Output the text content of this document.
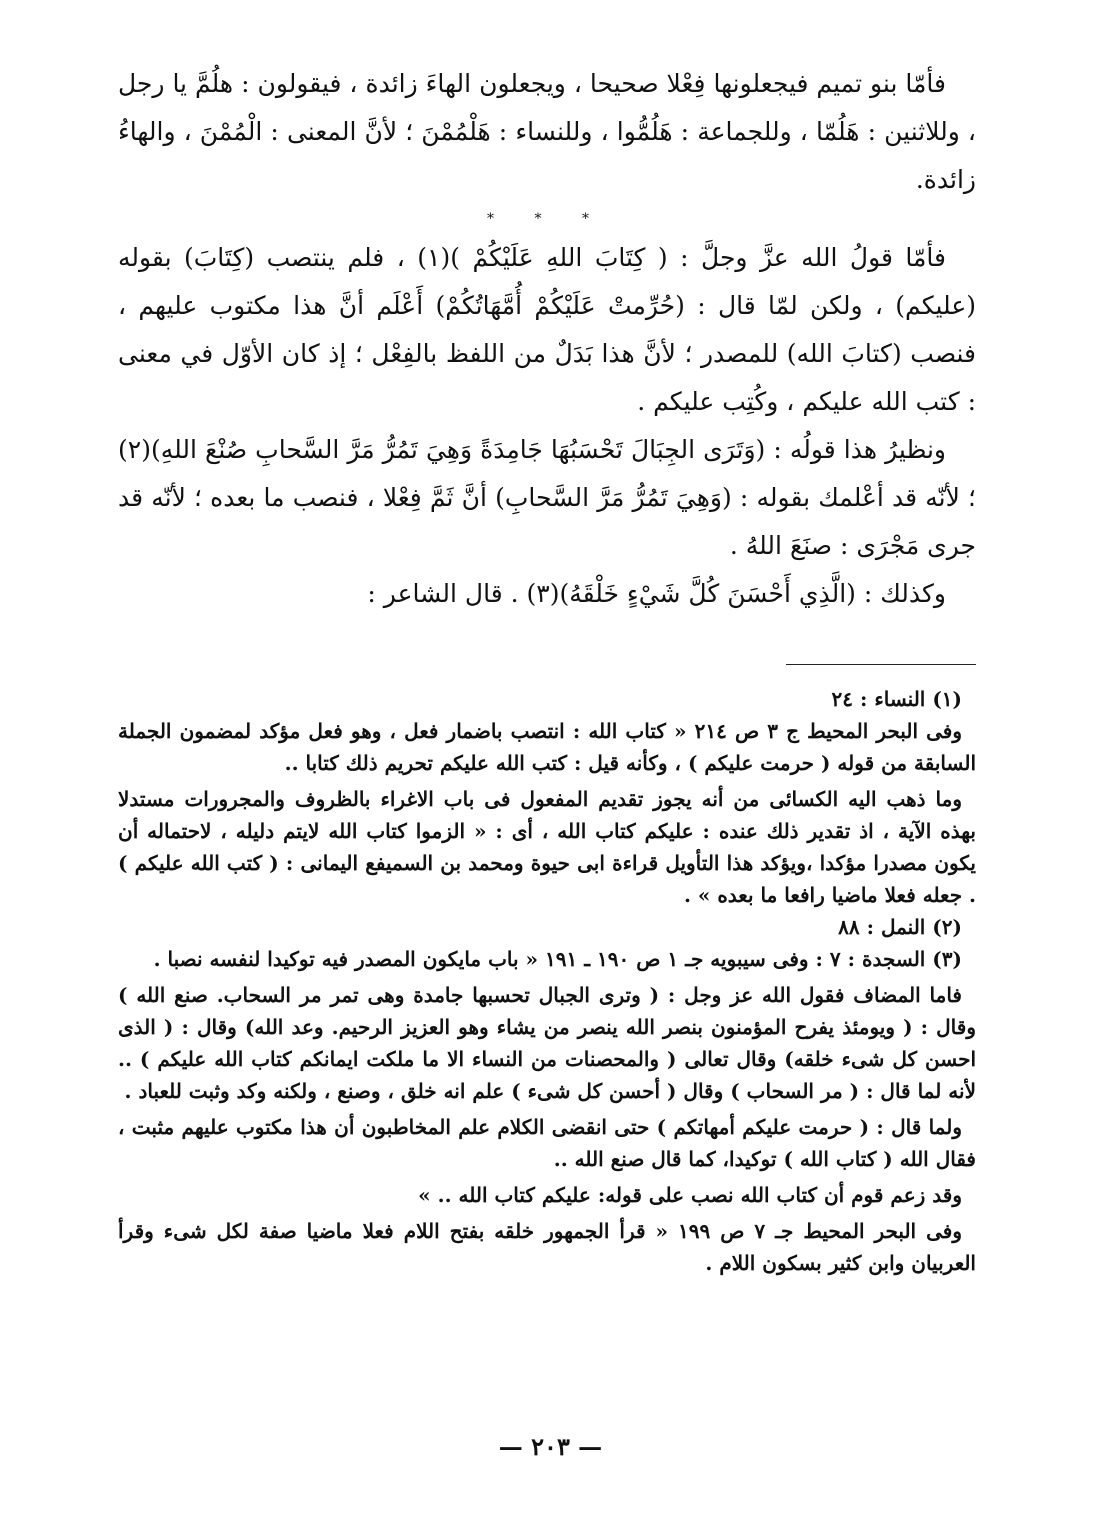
فأمّا بنو تميم فيجعلونها فِعْلا صحيحا ، ويجعلون الهاءَ زائدة ، فيقولون : هلُمَّ يا رجل ، وللاثنين : هَلُمّا ، وللجماعة : هَلُمُّوا ، وللنساء : هَلْمُمْنَ ؛ لأنَّ المعنى : الْمُمْنَ ، والهاءُ زائدة.

* * *

فأمّا قولُ الله عزَّ وجلَّ : ( كِتَابَ اللهِ عَلَيْكُمْ )(١) ، فلم ينتصب (كِتَابَ) بقوله (عليكم) ، ولكن لمّا قال : (حُرِّمتْ عَلَيْكُمْ أُمَّهَاتُكُمْ) أَعْلَم أنَّ هذا مكتوب عليهم ، فنصب (كتابَ الله) للمصدر ؛ لأنَّ هذا بَدَلٌ من اللفظ بالفِعْل ؛ إذ كان الأوّل في معنى : كتب الله عليكم ، وكُتِب عليكم .

ونظيرُ هذا قولُه : (وَتَرَى الجِبَالَ تَحْسَبُهَا جَامِدَةً وَهِيَ تَمُرُّ مَرَّ السَّحابِ صُنْعَ اللهِ)(٢) ؛ لأنّه قد أعْلمك بقوله : (وَهِيَ تَمُرُّ مَرَّ السَّحابِ) أنَّ ثَمَّ فِعْلا ، فنصب ما بعده ؛ لأنّه قد جرى مَجْرَى : صنَعَ اللهُ .

وكذلك : (الَّذِي أَحْسَنَ كُلَّ شَيْءٍ خَلْقَهُ)(٣) . قال الشاعر :

(١) النساء : ٢٤

وفى البحر المحيط ج ٣ ص ٢١٤ « كتاب الله : انتصب باضمار فعل ، وهو فعل مؤكد لمضمون الجملة السابقة من قوله ( حرمت عليكم ) ، وكأنه قيل : كتب الله عليكم تحريم ذلك كتابا ..

وما ذهب اليه الكسائى من أنه يجوز تقديم المفعول فى باب الاغراء بالظروف والمجرورات مستدلا بهذه الآية ، اذ تقدير ذلك عنده : عليكم كتاب الله ، أى : « الزموا كتاب الله لايتم دليله ، لاحتماله أن يكون مصدرا مؤكدا ،ويؤكد هذا التأويل قراءة ابى حيوة ومحمد بن السميفع اليمانى : ( كتب الله عليكم ) . جعله فعلا ماضيا رافعا ما بعده » .

(٢) النمل : ٨٨

(٣) السجدة : ٧ : وفى سيبويه جـ ١ ص ١٩٠ ـ ١٩١ « باب مايكون المصدر فيه توكيدا لنفسه نصبا .

فاما المضاف فقول الله عز وجل : ( وترى الجبال تحسبها جامدة وهى تمر مر السحاب. صنع الله ) وقال : ( ويومئذ يفرح المؤمنون بنصر الله ينصر من يشاء وهو العزيز الرحيم. وعد الله) وقال : ( الذى احسن كل شىء خلقه) وقال تعالى ( والمحصنات من النساء الا ما ملكت ايمانكم كتاب الله عليكم ) .. لأنه لما قال : ( مر السحاب ) وقال ( أحسن كل شىء ) علم انه خلق ، وصنع ، ولكنه وكد وثبت للعباد .

ولما قال : ( حرمت عليكم أمهاتكم ) حتى انقضى الكلام علم المخاطبون أن هذا مكتوب عليهم مثبت ، فقال الله ( كتاب الله ) توكيدا، كما قال صنع الله ..

وقد زعم قوم أن كتاب الله نصب على قوله: عليكم كتاب الله .. »

وفى البحر المحيط جـ ٧ ص ١٩٩ « قرأ الجمهور خلقه بفتح اللام فعلا ماضيا صفة لكل شىء وقرأ العربيان وابن كثير بسكون اللام .

— ٢٠٣ —
